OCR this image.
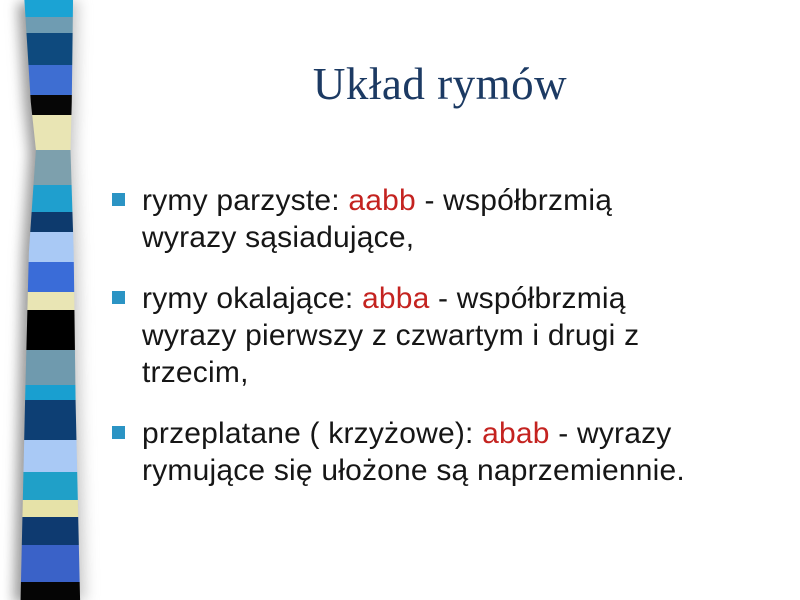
Układ rymów
rymy parzyste: aabb - współbrzmią
wyrazy sąsiadujące,
rymy okalające: abba - współbrzmią
wyrazy pierwszy z czwartym i drugi z
trzecim,
przeplatane ( krzyżowe): abab - wyrazy
rymujące się ułożone są naprzemiennie.
